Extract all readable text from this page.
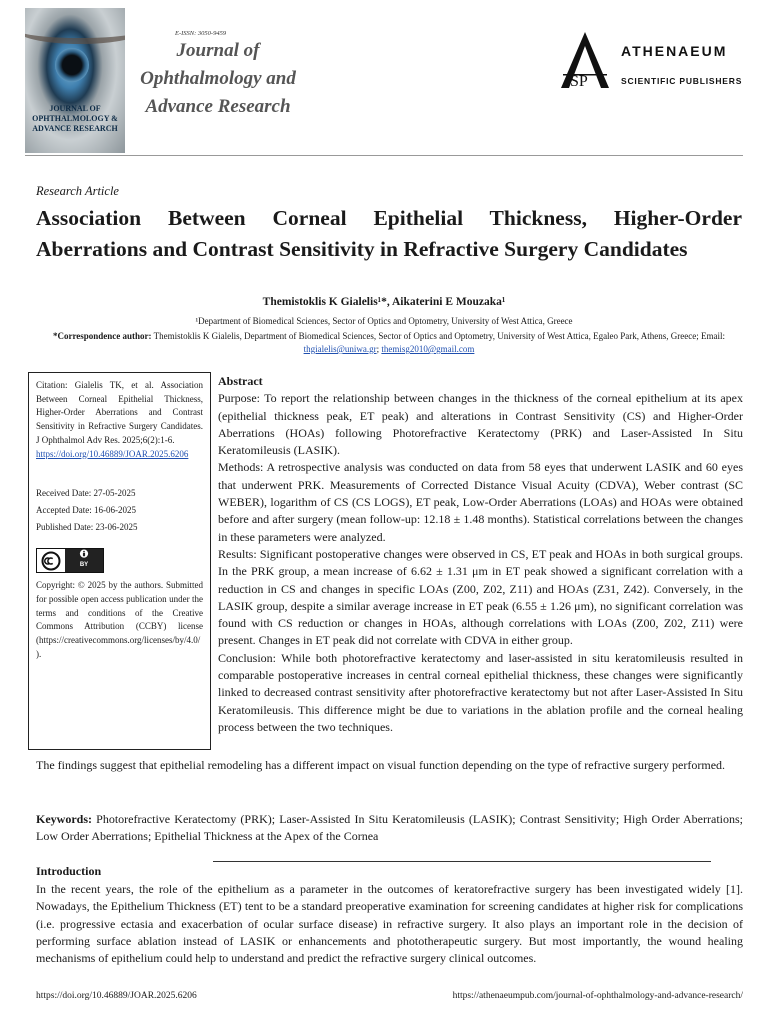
JOURNAL OF OPHTHALMOLOGY & ADVANCE RESEARCH
E-ISSN: 3050-9459
Journal of Ophthalmology and Advance Research
SP
ATHENAEUM
SCIENTIFIC PUBLISHERS
Research Article
Association Between Corneal Epithelial Thickness, Higher-Order Aberrations and Contrast Sensitivity in Refractive Surgery Candidates
Themistoklis K Gialelis¹*, Aikaterini E Mouzaka¹
¹Department of Biomedical Sciences, Sector of Optics and Optometry, University of West Attica, Greece
*Correspondence author: Themistoklis K Gialelis, Department of Biomedical Sciences, Sector of Optics and Optometry, University of West Attica, Egaleo Park, Athens, Greece; Email: thgialelis@uniwa.gr; themisg2010@gmail.com

Citation: Gialelis TK, et al. Association Between Corneal Epithelial Thickness, Higher-Order Aberrations and Contrast Sensitivity in Refractive Surgery Candidates. J Ophthalmol Adv Res. 2025;6(2):1-6.

https://doi.org/10.46889/JOAR.2025.6206

Received Date: 27-05-2025

Accepted Date: 16-06-2025

Published Date: 23-06-2025

BY

Copyright: © 2025 by the authors. Submitted for possible open access publication under the terms and conditions of the Creative Commons Attribution (CCBY) license (https://creativecommons.org/licenses/by/4.0/).

Abstract

Purpose: To report the relationship between changes in the thickness of the corneal epithelium at its apex (epithelial thickness peak, ET peak) and alterations in Contrast Sensitivity (CS) and Higher-Order Aberrations (HOAs) following Photorefractive Keratectomy (PRK) and Laser-Assisted In Situ Keratomileusis (LASIK).

Methods: A retrospective analysis was conducted on data from 58 eyes that underwent LASIK and 60 eyes that underwent PRK. Measurements of Corrected Distance Visual Acuity (CDVA), Weber contrast (SC WEBER), logarithm of CS (CS LOGS), ET peak, Low-Order Aberrations (LOAs) and HOAs were obtained before and after surgery (mean follow-up: 12.18 ± 1.48 months). Statistical correlations between the changes in these parameters were analyzed.

Results: Significant postoperative changes were observed in CS, ET peak and HOAs in both surgical groups. In the PRK group, a mean increase of 6.62 ± 1.31 μm in ET peak showed a significant correlation with a reduction in CS and changes in specific LOAs (Z00, Z02, Z11) and HOAs (Z31, Z42). Conversely, in the LASIK group, despite a similar average increase in ET peak (6.55 ± 1.26 μm), no significant correlation was found with CS reduction or changes in HOAs, although correlations with LOAs (Z00, Z02, Z11) were present. Changes in ET peak did not correlate with CDVA in either group.

Conclusion: While both photorefractive keratectomy and laser-assisted in situ keratomileusis resulted in comparable postoperative increases in central corneal epithelial thickness, these changes were significantly linked to decreased contrast sensitivity after photorefractive keratectomy but not after Laser-Assisted In Situ Keratomileusis. This difference might be due to variations in the ablation profile and the corneal healing process between the two techniques.

The findings suggest that epithelial remodeling has a different impact on visual function depending on the type of refractive surgery performed.

Keywords: Photorefractive Keratectomy (PRK); Laser-Assisted In Situ Keratomileusis (LASIK); Contrast Sensitivity; High Order Aberrations; Low Order Aberrations; Epithelial Thickness at the Apex of the Cornea

Introduction

In the recent years, the role of the epithelium as a parameter in the outcomes of keratorefractive surgery has been investigated widely [1]. Nowadays, the Epithelium Thickness (ET) tent to be a standard preoperative examination for screening candidates at higher risk for complications (i.e. progressive ectasia and exacerbation of ocular surface disease) in refractive surgery. It also plays an important role in the decision of performing surface ablation instead of LASIK or enhancements and phototherapeutic surgery. But most importantly, the wound healing mechanisms of epithelium could help to understand and predict the refractive surgery clinical outcomes.

https://doi.org/10.46889/JOAR.2025.6206	https://athenaeumpub.com/journal-of-ophthalmology-and-advance-research/
